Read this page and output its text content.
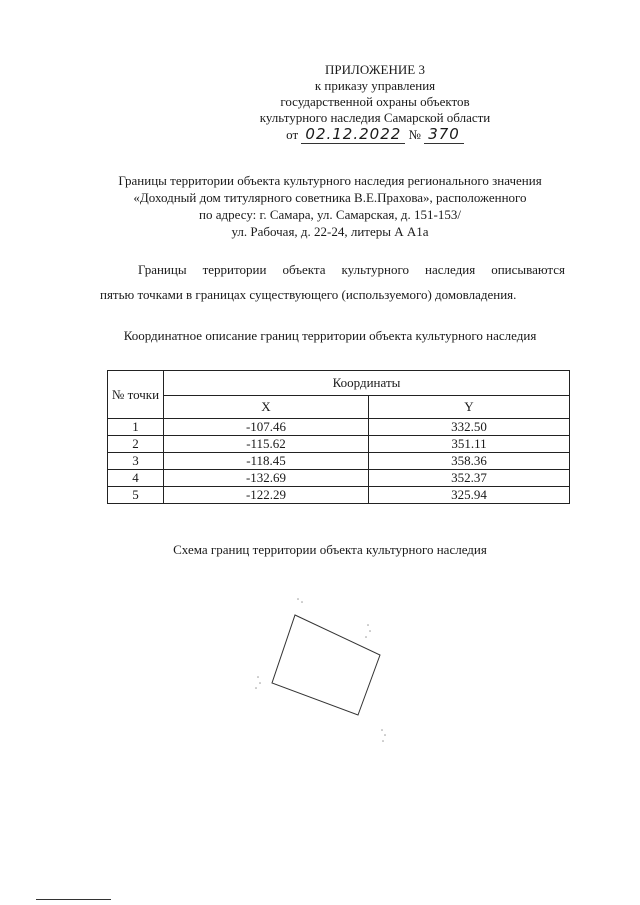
ПРИЛОЖЕНИЕ 3
к приказу управления
государственной охраны объектов
культурного наследия Самарской области
от 02.12.2022 № 370
Границы территории объекта культурного наследия регионального значения
«Доходный дом титулярного советника В.Е.Прахова», расположенного
по адресу: г. Самара, ул. Самарская, д. 151-153/
ул. Рабочая, д. 22-24, литеры А А1а
Границы территории объекта культурного наследия описываются
пятью точками в границах существующего (используемого) домовладения.
Координатное описание границ территории объекта культурного наследия
№ точки	Координаты	
	X	Y
1	-107.46	332.50
2	-115.62	351.11
3	-118.45	358.36
4	-132.69	352.37
5	-122.29	325.94
Схема границ территории объекта культурного наследия
